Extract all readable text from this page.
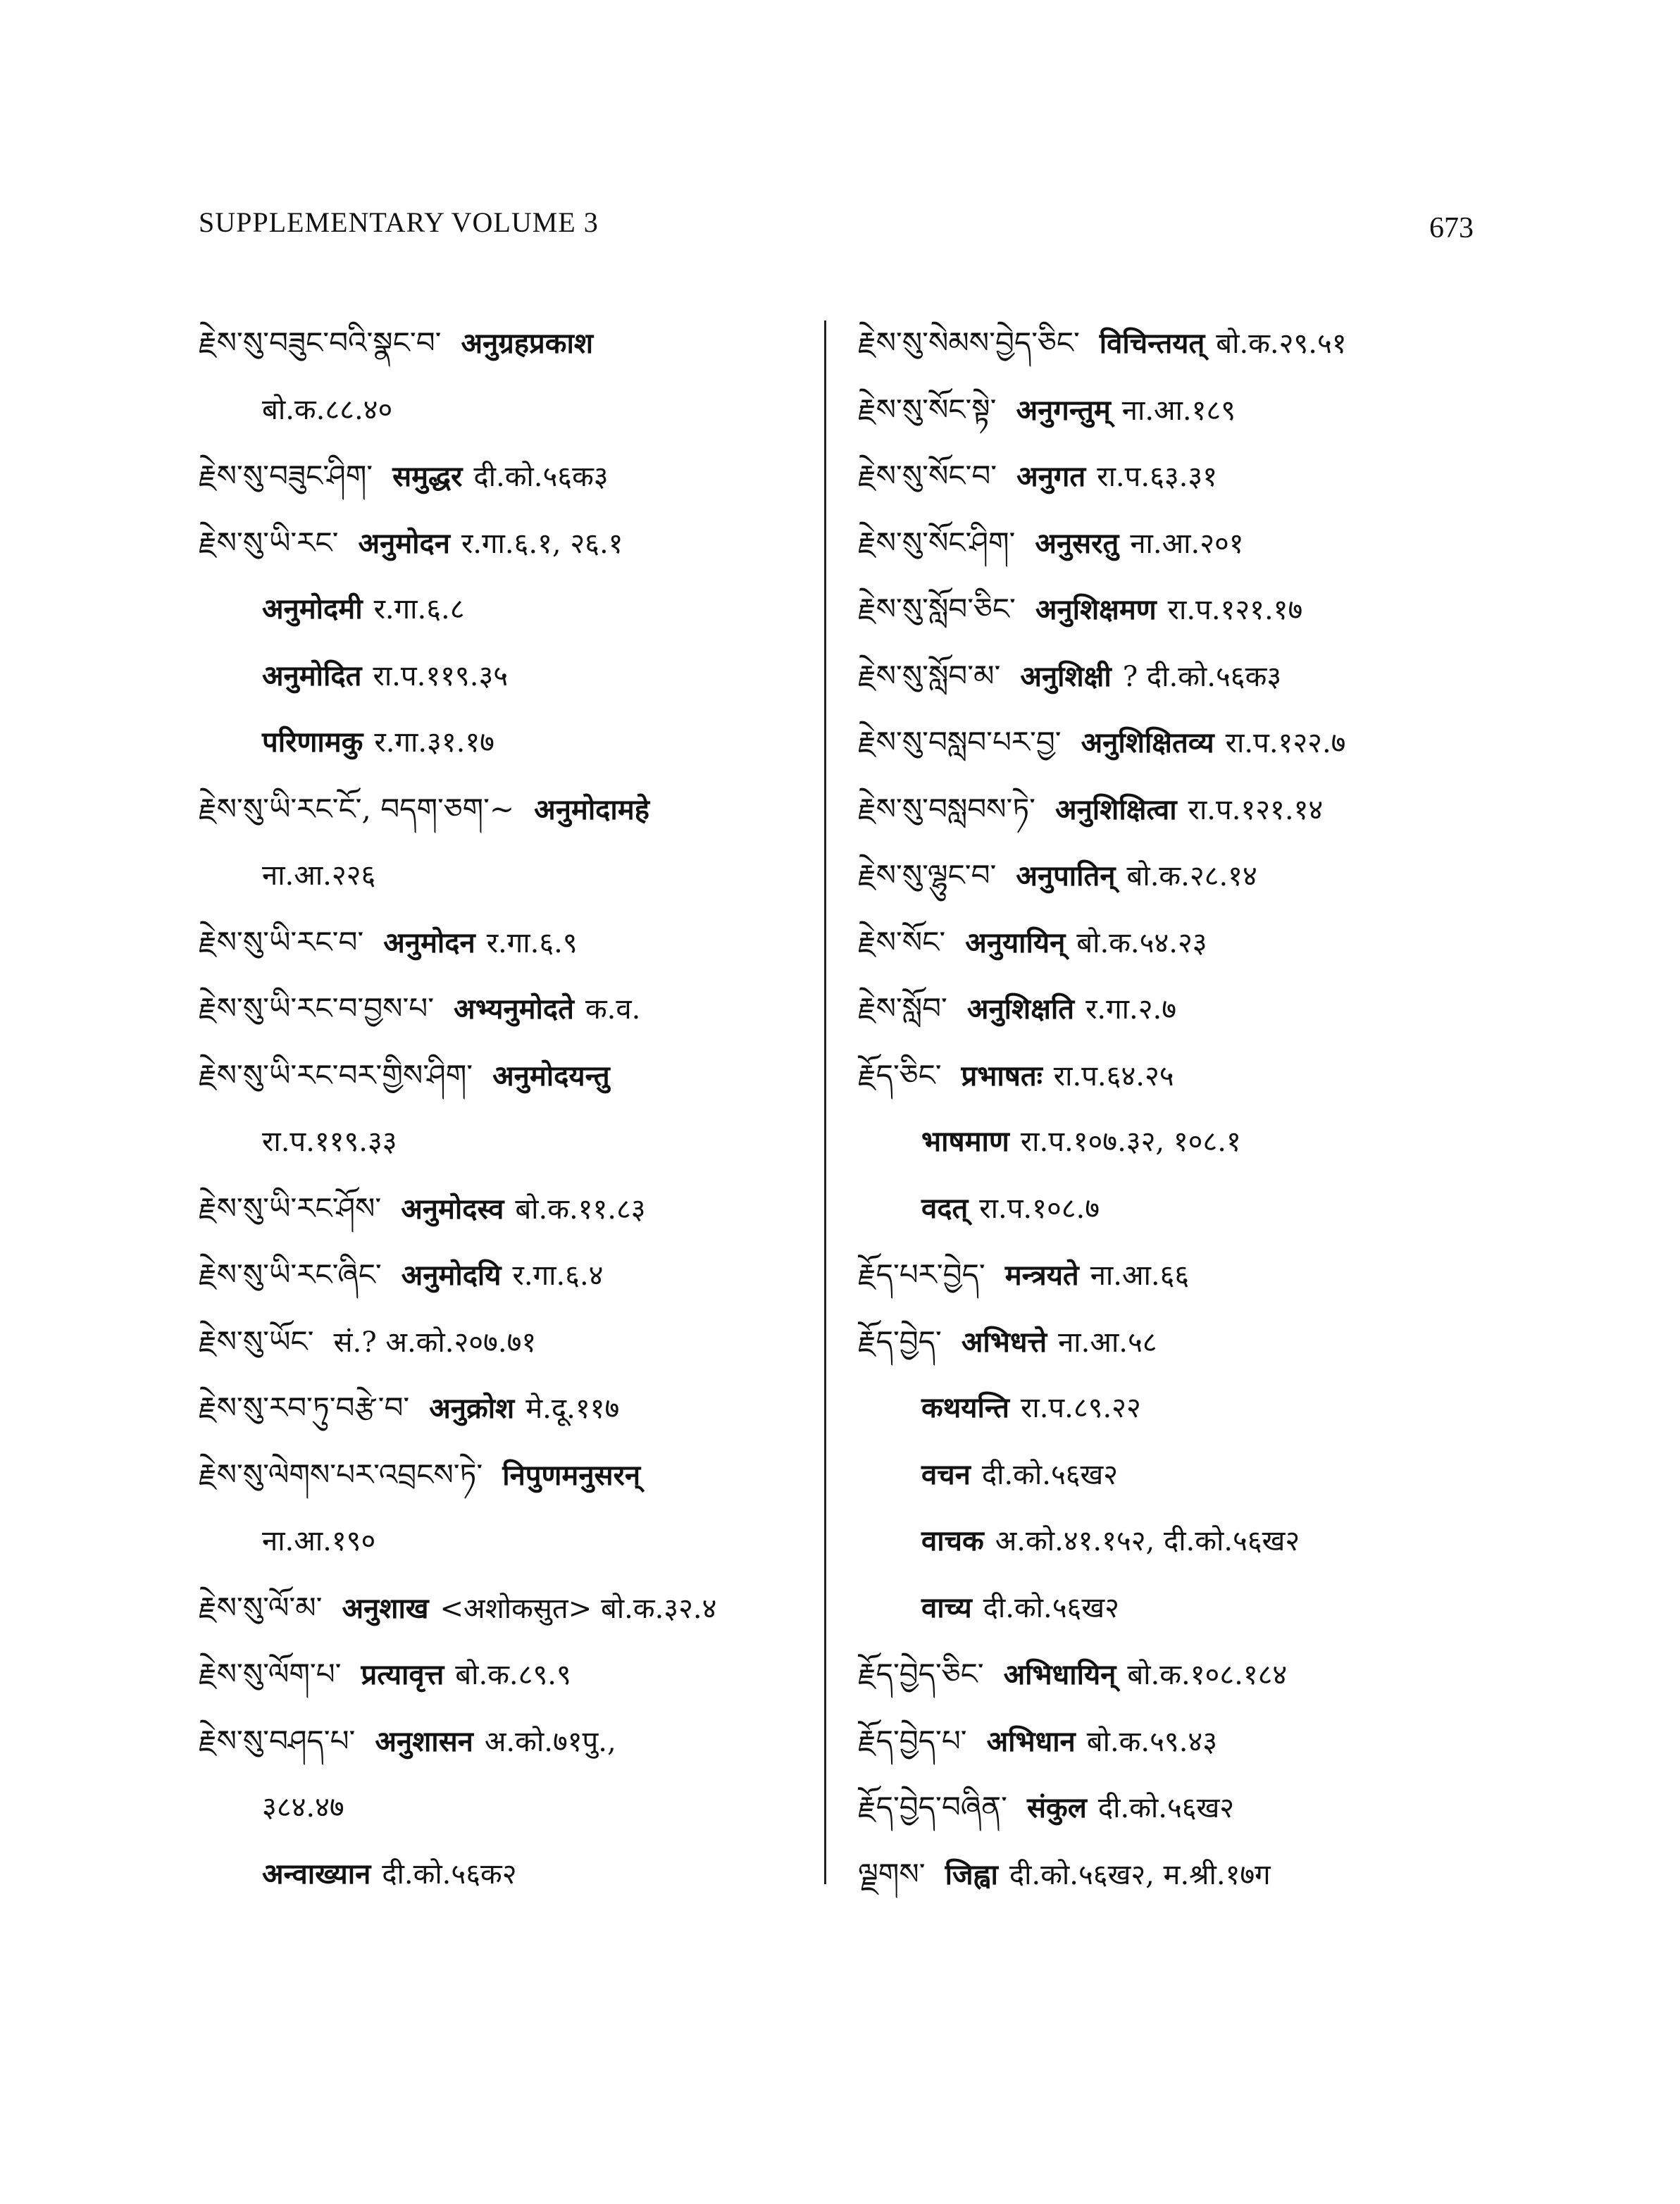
SUPPLEMENTARY VOLUME 3	673
རྗེས་སུ་བཟུང་བའི་སྣང་བ་ अनुग्रहप्रकाश
बो.क.८८.४०
རྗེས་སུ་བཟུང་ཤིག་ समुद्धर दी.को.५६क३
རྗེས་སུ་ཡི་རང་ अनुमोदन र.गा.६.१, २६.१
अनुमोदमी र.गा.६.८
अनुमोदित रा.प.११९.३५
परिणामकु र.गा.३१.१७
རྗེས་སུ་ཡི་རང་ངོ་, བདག་ཅག་~ अनुमोदामहे
ना.आ.२२६
རྗེས་སུ་ཡི་རང་བ་ अनुमोदन र.गा.६.९
རྗེས་སུ་ཡི་རང་བ་བྱས་པ་ अभ्यनुमोदते क.व.
རྗེས་སུ་ཡི་རང་བར་གྱིས་ཤིག་ अनुमोदयन्तु
रा.प.११९.३३
རྗེས་སུ་ཡི་རང་ཤོས་ अनुमोदस्व बो.क.११.८३
རྗེས་སུ་ཡི་རང་ཞིང་ अनुमोदयि र.गा.६.४
རྗེས་སུ་ཡོང་ सं.? अ.को.२०७.७१
རྗེས་སུ་རབ་ཏུ་བརྩེ་བ་ अनुक्रोश मे.दू.११७
རྗེས་སུ་ལེགས་པར་འབྲངས་ཏེ་ निपुणमनुसरन्
ना.आ.१९०
རྗེས་སུ་ལོ་མ་ अनुशाख <अशोकसुत> बो.क.३२.४
རྗེས་སུ་ལོག་པ་ प्रत्यावृत्त बो.क.८९.९
རྗེས་སུ་བཤད་པ་ अनुशासन अ.को.७१पु.,
३८४.४७
अन्वाख्यान दी.को.५६क२
རྗེས་སུ་སེམས་བྱེད་ཅིང་ विचिन्तयत् बो.क.२९.५१
རྗེས་སུ་སོང་སྟེ་ अनुगन्तुम् ना.आ.१८९
རྗེས་སུ་སོང་བ་ अनुगत रा.प.६३.३१
རྗེས་སུ་སོང་ཤིག་ अनुसरतु ना.आ.२०१
རྗེས་སུ་སློབ་ཅིང་ अनुशिक्षमण रा.प.१२१.१७
རྗེས་སུ་སློབ་མ་ अनुशिक्षी ? दी.को.५६क३
རྗེས་སུ་བསླབ་པར་བྱ་ अनुशिक्षितव्य रा.प.१२२.७
རྗེས་སུ་བསླབས་ཏེ་ अनुशिक्षित्वा रा.प.१२१.१४
རྗེས་སུ་ལྷུང་བ་ अनुपातिन् बो.क.२८.१४
རྗེས་སོང་ अनुयायिन् बो.क.५४.२३
རྗེས་སློབ་ अनुशिक्षति र.गा.२.७
རྗོད་ཅིང་ प्रभाषतः रा.प.६४.२५
भाषमाण रा.प.१०७.३२, १०८.१
वदत् रा.प.१०८.७
རྗོད་པར་བྱེད་ मन्त्रयते ना.आ.६६
རྗོད་བྱེད་ अभिधत्ते ना.आ.५८
कथयन्ति रा.प.८९.२२
वचन दी.को.५६ख२
वाचक अ.को.४१.१५२, दी.को.५६ख२
वाच्य दी.को.५६ख२
རྗོད་བྱེད་ཅིང་ अभिधायिन् बो.क.१०८.१८४
རྗོད་བྱེད་པ་ अभिधान बो.क.५९.४३
རྗོད་བྱེད་བཞིན་ संकुल दी.को.५६ख२
ལྗགས་ जिह्वा दी.को.५६ख२, म.श्री.१७ग
